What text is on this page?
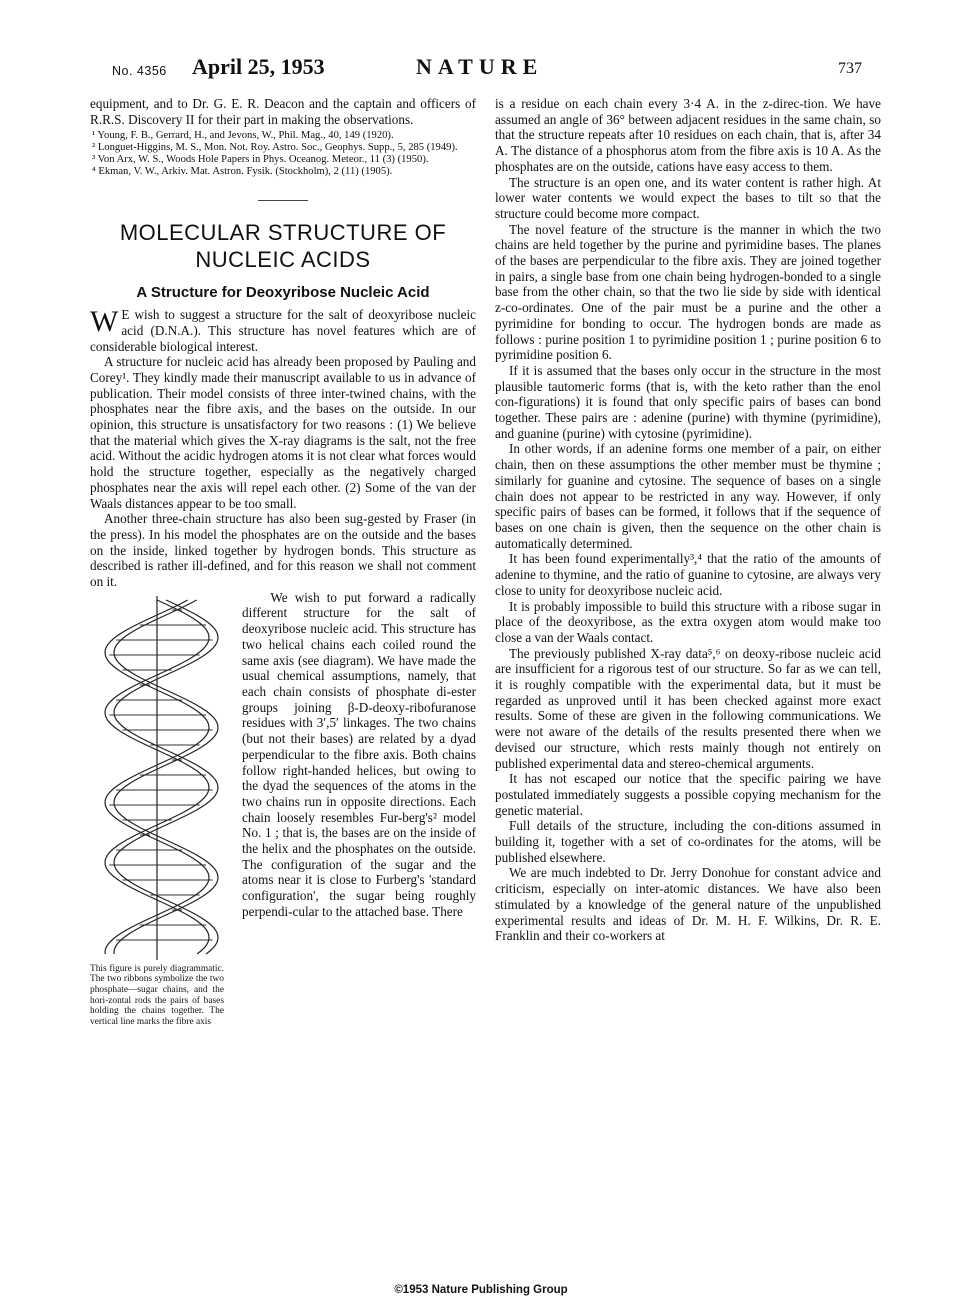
No. 4356 April 25, 1953	NATURE	737

equipment, and to Dr. G. E. R. Deacon and the captain and officers of R.R.S. Discovery II for their part in making the observations.

¹ Young, F. B., Gerrard, H., and Jevons, W., Phil. Mag., 40, 149 (1920).
² Longuet-Higgins, M. S., Mon. Not. Roy. Astro. Soc., Geophys. Supp., 5, 285 (1949).
³ Von Arx, W. S., Woods Hole Papers in Phys. Oceanog. Meteor., 11 (3) (1950).
⁴ Ekman, V. W., Arkiv. Mat. Astron. Fysik. (Stockholm), 2 (11) (1905).
MOLECULAR STRUCTURE OF
NUCLEIC ACIDS
A Structure for Deoxyribose Nucleic Acid

W E wish to suggest a structure for the salt of deoxyribose nucleic acid (D.N.A.). This structure has novel features which are of considerable biological interest.

A structure for nucleic acid has already been proposed by Pauling and Corey¹. They kindly made their manuscript available to us in advance of publication. Their model consists of three inter-twined chains, with the phosphates near the fibre axis, and the bases on the outside. In our opinion, this structure is unsatisfactory for two reasons : (1) We believe that the material which gives the X-ray diagrams is the salt, not the free acid. Without the acidic hydrogen atoms it is not clear what forces would hold the structure together, especially as the negatively charged phosphates near the axis will repel each other. (2) Some of the van der Waals distances appear to be too small.

Another three-chain structure has also been sug-gested by Fraser (in the press). In his model the phosphates are on the outside and the bases on the inside, linked together by hydrogen bonds. This structure as described is rather ill-defined, and for this reason we shall not comment on it.

This figure is purely diagrammatic. The two ribbons symbolize the two phosphate—sugar chains, and the hori-zontal rods the pairs of bases holding the chains together. The vertical line marks the fibre axis
We wish to put forward a radically different structure for the salt of deoxyribose nucleic acid. This structure has two helical chains each coiled round the same axis (see diagram). We have made the usual chemical assumptions, namely, that each chain consists of phosphate di-ester groups joining β-D-deoxy-ribofuranose residues with 3′,5′ linkages. The two chains (but not their bases) are related by a dyad perpendicular to the fibre axis. Both chains follow right-handed helices, but owing to the dyad the sequences of the atoms in the two chains run in opposite directions. Each chain loosely resembles Fur-berg's² model No. 1 ; that is, the bases are on the inside of the helix and the phosphates on the outside. The configuration of the sugar and the atoms near it is close to Furberg's 'standard configuration', the sugar being roughly perpendi-cular to the attached base. There

is a residue on each chain every 3·4 A. in the z-direc-tion. We have assumed an angle of 36° between adjacent residues in the same chain, so that the structure repeats after 10 residues on each chain, that is, after 34 A. The distance of a phosphorus atom from the fibre axis is 10 A. As the phosphates are on the outside, cations have easy access to them.

The structure is an open one, and its water content is rather high. At lower water contents we would expect the bases to tilt so that the structure could become more compact.

The novel feature of the structure is the manner in which the two chains are held together by the purine and pyrimidine bases. The planes of the bases are perpendicular to the fibre axis. They are joined together in pairs, a single base from one chain being hydrogen-bonded to a single base from the other chain, so that the two lie side by side with identical z-co-ordinates. One of the pair must be a purine and the other a pyrimidine for bonding to occur. The hydrogen bonds are made as follows : purine position 1 to pyrimidine position 1 ; purine position 6 to pyrimidine position 6.

If it is assumed that the bases only occur in the structure in the most plausible tautomeric forms (that is, with the keto rather than the enol con-figurations) it is found that only specific pairs of bases can bond together. These pairs are : adenine (purine) with thymine (pyrimidine), and guanine (purine) with cytosine (pyrimidine).

In other words, if an adenine forms one member of a pair, on either chain, then on these assumptions the other member must be thymine ; similarly for guanine and cytosine. The sequence of bases on a single chain does not appear to be restricted in any way. However, if only specific pairs of bases can be formed, it follows that if the sequence of bases on one chain is given, then the sequence on the other chain is automatically determined.

It has been found experimentally³,⁴ that the ratio of the amounts of adenine to thymine, and the ratio of guanine to cytosine, are always very close to unity for deoxyribose nucleic acid.

It is probably impossible to build this structure with a ribose sugar in place of the deoxyribose, as the extra oxygen atom would make too close a van der Waals contact.

The previously published X-ray data⁵,⁶ on deoxy-ribose nucleic acid are insufficient for a rigorous test of our structure. So far as we can tell, it is roughly compatible with the experimental data, but it must be regarded as unproved until it has been checked against more exact results. Some of these are given in the following communications. We were not aware of the details of the results presented there when we devised our structure, which rests mainly though not entirely on published experimental data and stereo-chemical arguments.

It has not escaped our notice that the specific pairing we have postulated immediately suggests a possible copying mechanism for the genetic material.

Full details of the structure, including the con-ditions assumed in building it, together with a set of co-ordinates for the atoms, will be published elsewhere.

We are much indebted to Dr. Jerry Donohue for constant advice and criticism, especially on inter-atomic distances. We have also been stimulated by a knowledge of the general nature of the unpublished experimental results and ideas of Dr. M. H. F. Wilkins, Dr. R. E. Franklin and their co-workers at

©1953 Nature Publishing Group
